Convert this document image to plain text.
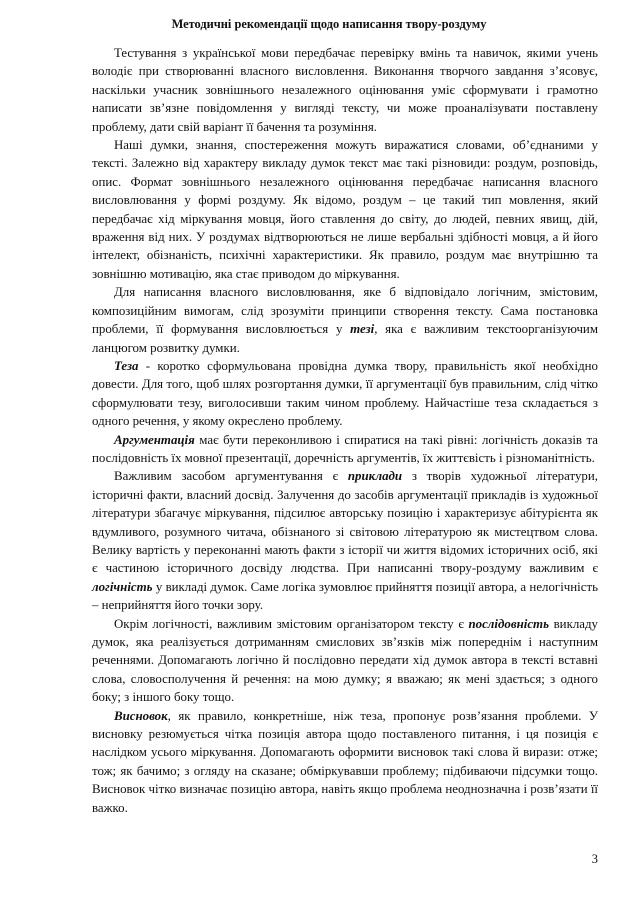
Методичні рекомендації щодо написання твору-роздуму

Тестування з української мови передбачає перевірку вмінь та навичок, якими учень володіє при створюванні власного висловлення. Виконання творчого завдання з’ясовує, наскільки учасник зовнішнього незалежного оцінювання уміє сформувати і грамотно написати зв’язне повідомлення у вигляді тексту, чи може проаналізувати поставлену проблему, дати свій варіант її бачення та розуміння.

Наші думки, знання, спостереження можуть виражатися словами, об’єднаними у тексті. Залежно від характеру викладу думок текст має такі різновиди: роздум, розповідь, опис. Формат зовнішнього незалежного оцінювання передбачає написання власного висловлювання у формі роздуму. Як відомо, роздум – це такий тип мовлення, який передбачає хід міркування мовця, його ставлення до світу, до людей, певних явищ, дій, враження від них. У роздумах відтворюються не лише вербальні здібності мовця, а й його інтелект, обізнаність, психічні характеристики. Як правило, роздум має внутрішню та зовнішню мотивацію, яка стає приводом до міркування.

Для написання власного висловлювання, яке б відповідало логічним, змістовим, композиційним вимогам, слід зрозуміти принципи створення тексту. Сама постановка проблеми, її формування висловлюється у тезі, яка є важливим текстоорганізуючим ланцюгом розвитку думки.

Теза - коротко сформульована провідна думка твору, правильність якої необхідно довести. Для того, щоб шлях розгортання думки, її аргументації був правильним, слід чітко сформулювати тезу, виголосивши таким чином проблему. Найчастіше теза складається з одного речення, у якому окреслено проблему.

Аргументація має бути переконливою і спиратися на такі рівні: логічність доказів та послідовність їх мовної презентації, доречність аргументів, їх життєвість і різноманітність.

Важливим засобом аргументування є приклади з творів художньої літератури, історичні факти, власний досвід. Залучення до засобів аргументації прикладів із художньої літератури збагачує міркування, підсилює авторську позицію і характеризує абітурієнта як вдумливого, розумного читача, обізнаного зі світовою літературою як мистецтвом слова. Велику вартість у переконанні мають факти з історії чи життя відомих історичних осіб, які є частиною історичного досвіду людства. При написанні твору-роздуму важливим є логічність у викладі думок. Саме логіка зумовлює прийняття позиції автора, а нелогічність – неприйняття його точки зору.

Окрім логічності, важливим змістовим організатором тексту є послідовність викладу думок, яка реалізується дотриманням смислових зв’язків між попереднім і наступним реченнями. Допомагають логічно й послідовно передати хід думок автора в тексті вставні слова, словосполучення й речення: на мою думку; я вважаю; як мені здається; з одного боку; з іншого боку тощо.

Висновок, як правило, конкретніше, ніж теза, пропонує розв’язання проблеми. У висновку резюмується чітка позиція автора щодо поставленого питання, і ця позиція є наслідком усього міркування. Допомагають оформити висновок такі слова й вирази: отже; тож; як бачимо; з огляду на сказане; обміркувавши проблему; підбиваючи підсумки тощо. Висновок чітко визначає позицію автора, навіть якщо проблема неоднозначна і розв’язати її важко.

3
